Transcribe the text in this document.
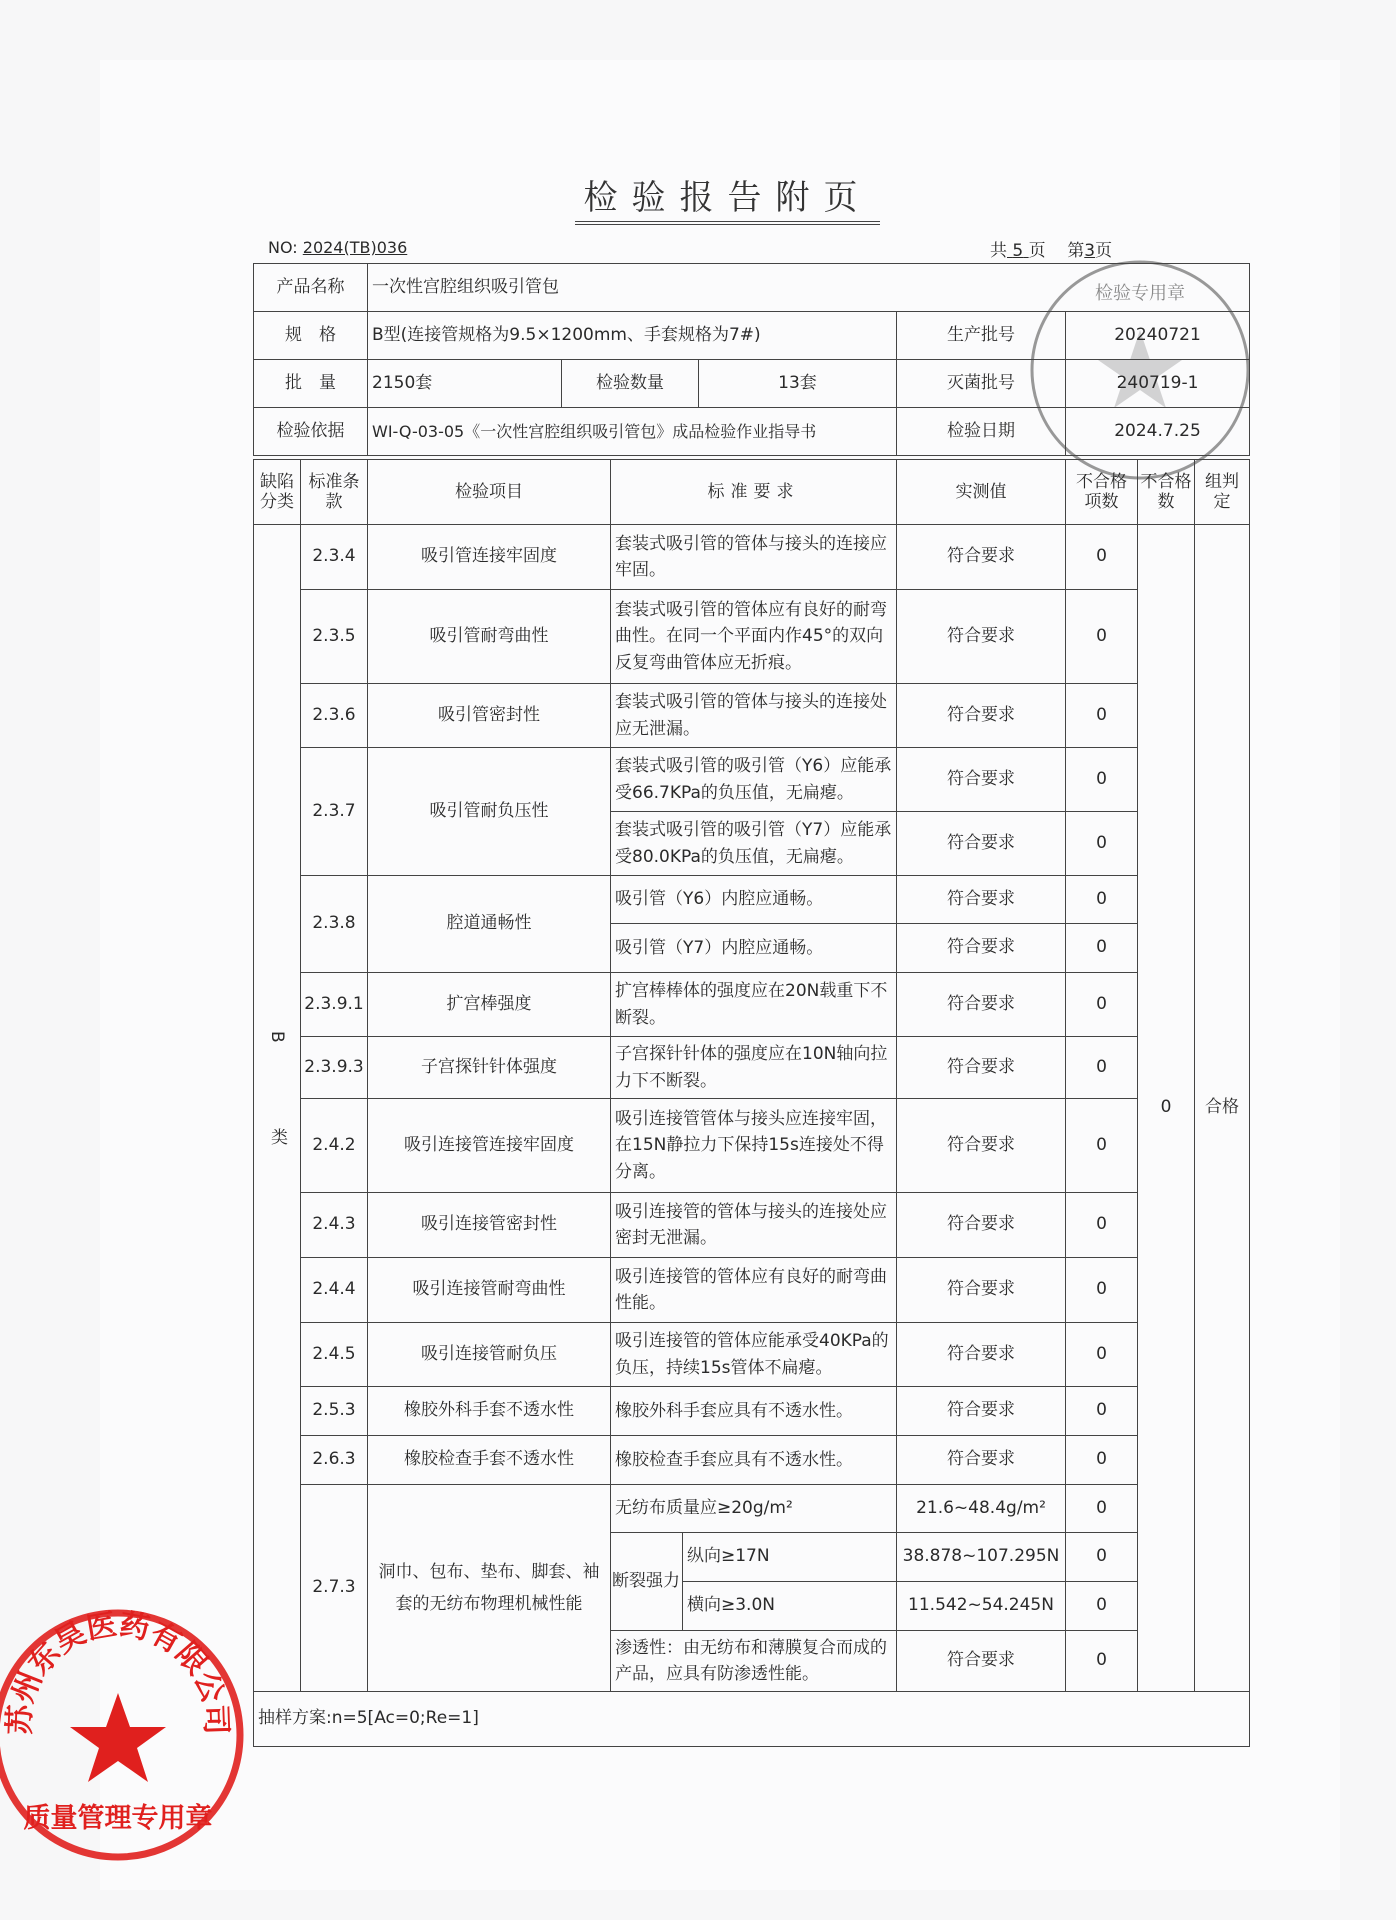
检验专用章
苏州东昊医药有限公司
质量管理专用章
检验报告附页
NO: 2024(TB)036	共 5 页 第3页
产品名称	一次性宫腔组织吸引管包				
规　格	B型(连接管规格为9.5×1200mm、手套规格为7#)			生产批号	20240721
批　量	2150套	检验数量	13套	灭菌批号	240719-1
检验依据	WI-Q-03-05《一次性宫腔组织吸引管包》成品检验作业指导书			检验日期	2024.7.25
缺陷分类	标准条款	检验项目	标准要求		实测值	不合格项数	不合格数	组判定
B 类	2.3.4	吸引管连接牢固度	套装式吸引管的管体与接头的连接应牢固。		符合要求	0	0	合格
	2.3.5	吸引管耐弯曲性	套装式吸引管的管体应有良好的耐弯曲性。在同一个平面内作45°的双向反复弯曲管体应无折痕。		符合要求	0		
	2.3.6	吸引管密封性	套装式吸引管的管体与接头的连接处应无泄漏。		符合要求	0		
	2.3.7	吸引管耐负压性	套装式吸引管的吸引管（Y6）应能承受66.7KPa的负压值，无扁瘪。		符合要求	0		
			套装式吸引管的吸引管（Y7）应能承受80.0KPa的负压值，无扁瘪。		符合要求	0		
	2.3.8	腔道通畅性	吸引管（Y6）内腔应通畅。		符合要求	0		
			吸引管（Y7）内腔应通畅。		符合要求	0		
	2.3.9.1	扩宫棒强度	扩宫棒棒体的强度应在20N载重下不断裂。		符合要求	0		
	2.3.9.3	子宫探针针体强度	子宫探针针体的强度应在10N轴向拉力下不断裂。		符合要求	0		
	2.4.2	吸引连接管连接牢固度	吸引连接管管体与接头应连接牢固，在15N静拉力下保持15s连接处不得分离。		符合要求	0		
	2.4.3	吸引连接管密封性	吸引连接管的管体与接头的连接处应密封无泄漏。		符合要求	0		
	2.4.4	吸引连接管耐弯曲性	吸引连接管的管体应有良好的耐弯曲性能。		符合要求	0		
	2.4.5	吸引连接管耐负压	吸引连接管的管体应能承受40KPa的负压，持续15s管体不扁瘪。		符合要求	0		
	2.5.3	橡胶外科手套不透水性	橡胶外科手套应具有不透水性。		符合要求	0		
	2.6.3	橡胶检查手套不透水性	橡胶检查手套应具有不透水性。		符合要求	0		
	2.7.3	洞巾、包布、垫布、脚套、袖套的无纺布物理机械性能	无纺布质量应≥20g/m²		21.6~48.4g/m²	0		
			断裂强力	纵向≥17N	38.878~107.295N	0		
				横向≥3.0N	11.542~54.245N	0		
			渗透性：由无纺布和薄膜复合而成的产品，应具有防渗透性能。		符合要求	0		
抽样方案:n=5[Ac=0;Re=1]								
